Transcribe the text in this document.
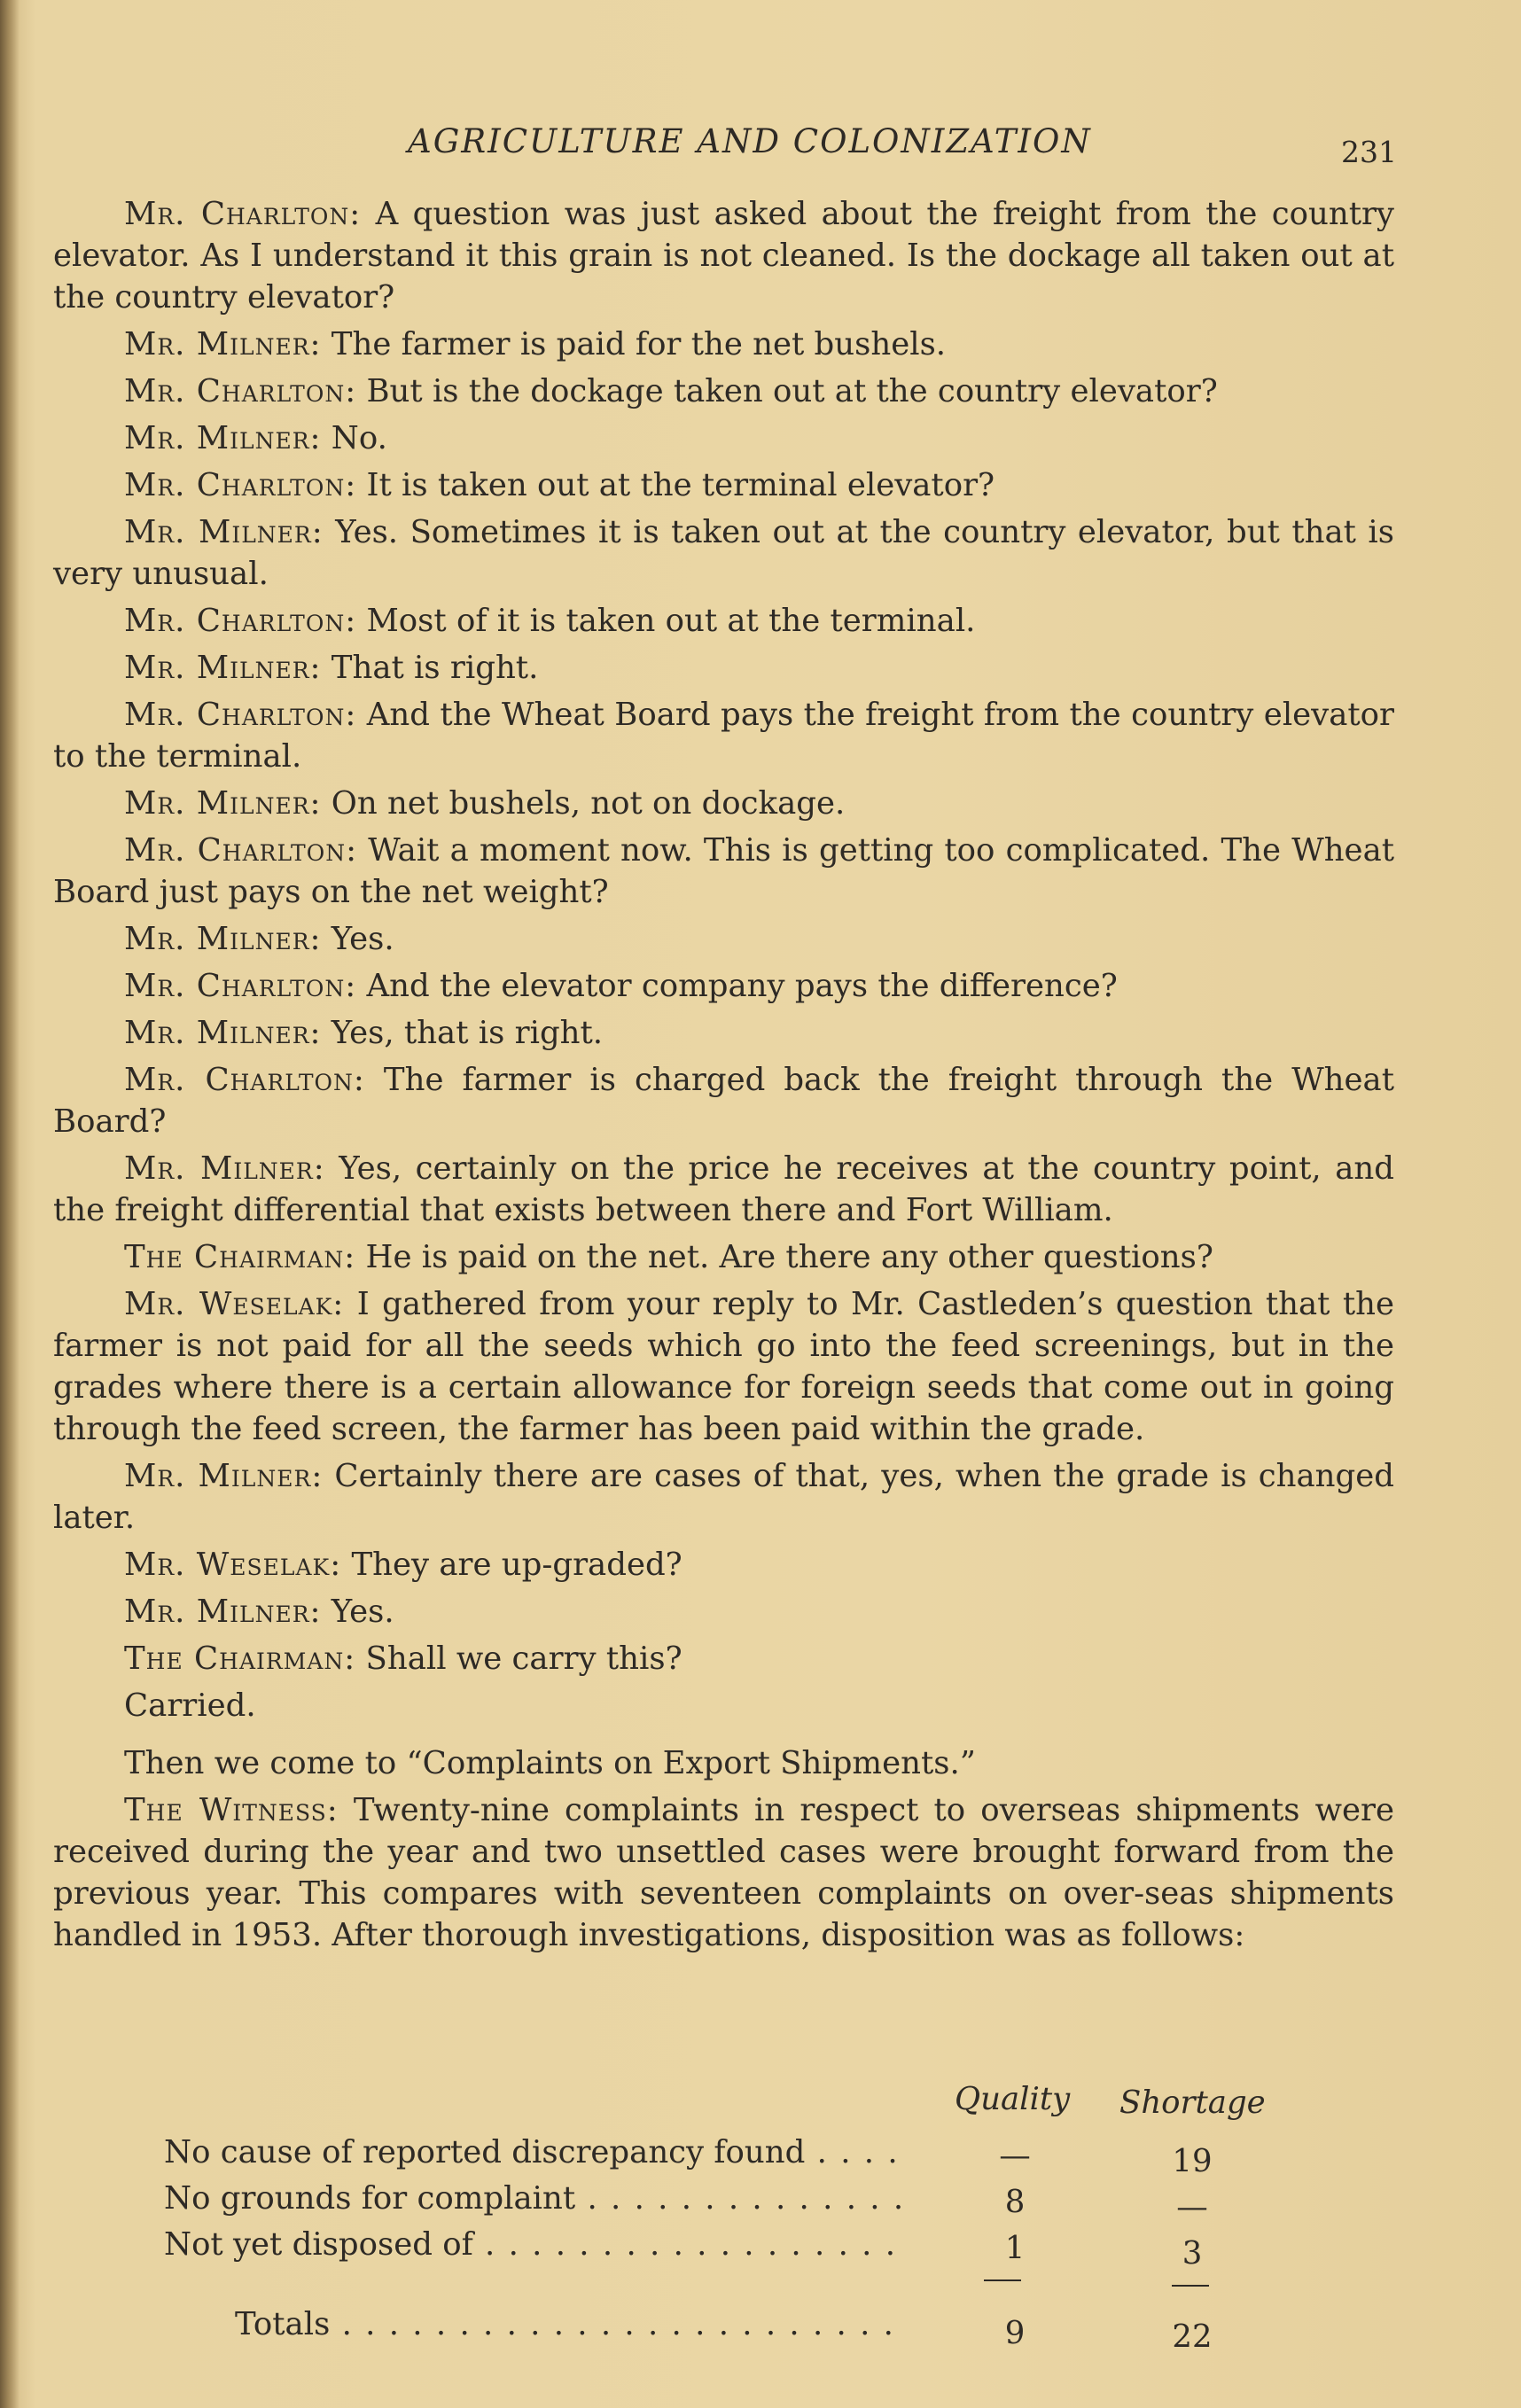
AGRICULTURE AND COLONIZATION	231

Mr. Charlton: A question was just asked about the freight from the country elevator. As I understand it this grain is not cleaned. Is the dockage all taken out at the country elevator?

Mr. Milner: The farmer is paid for the net bushels.

Mr. Charlton: But is the dockage taken out at the country elevator?

Mr. Milner: No.

Mr. Charlton: It is taken out at the terminal elevator?

Mr. Milner: Yes. Sometimes it is taken out at the country elevator, but that is very unusual.

Mr. Charlton: Most of it is taken out at the terminal.

Mr. Milner: That is right.

Mr. Charlton: And the Wheat Board pays the freight from the country elevator to the terminal.

Mr. Milner: On net bushels, not on dockage.

Mr. Charlton: Wait a moment now. This is getting too complicated. The Wheat Board just pays on the net weight?

Mr. Milner: Yes.

Mr. Charlton: And the elevator company pays the difference?

Mr. Milner: Yes, that is right.

Mr. Charlton: The farmer is charged back the freight through the Wheat Board?

Mr. Milner: Yes, certainly on the price he receives at the country point, and the freight differential that exists between there and Fort William.

The Chairman: He is paid on the net. Are there any other questions?

Mr. Weselak: I gathered from your reply to Mr. Castleden’s question that the farmer is not paid for all the seeds which go into the feed screenings, but in the grades where there is a certain allowance for foreign seeds that come out in going through the feed screen, the farmer has been paid within the grade.

Mr. Milner: Certainly there are cases of that, yes, when the grade is changed later.

Mr. Weselak: They are up-graded?

Mr. Milner: Yes.

The Chairman: Shall we carry this?

Carried.

Then we come to “Complaints on Export Shipments.”

The Witness: Twenty-nine complaints in respect to overseas shipments were received during the year and two unsettled cases were brought forward from the previous year. This compares with seventeen complaints on over-seas shipments handled in 1953. After thorough investigations, disposition was as follows:

Quality Shortage
No cause of reported discrepancy found . . .	—	19
No grounds for complaint . . .	8	—
Not yet disposed of . . .	1	3
Totals . . .	9	22
